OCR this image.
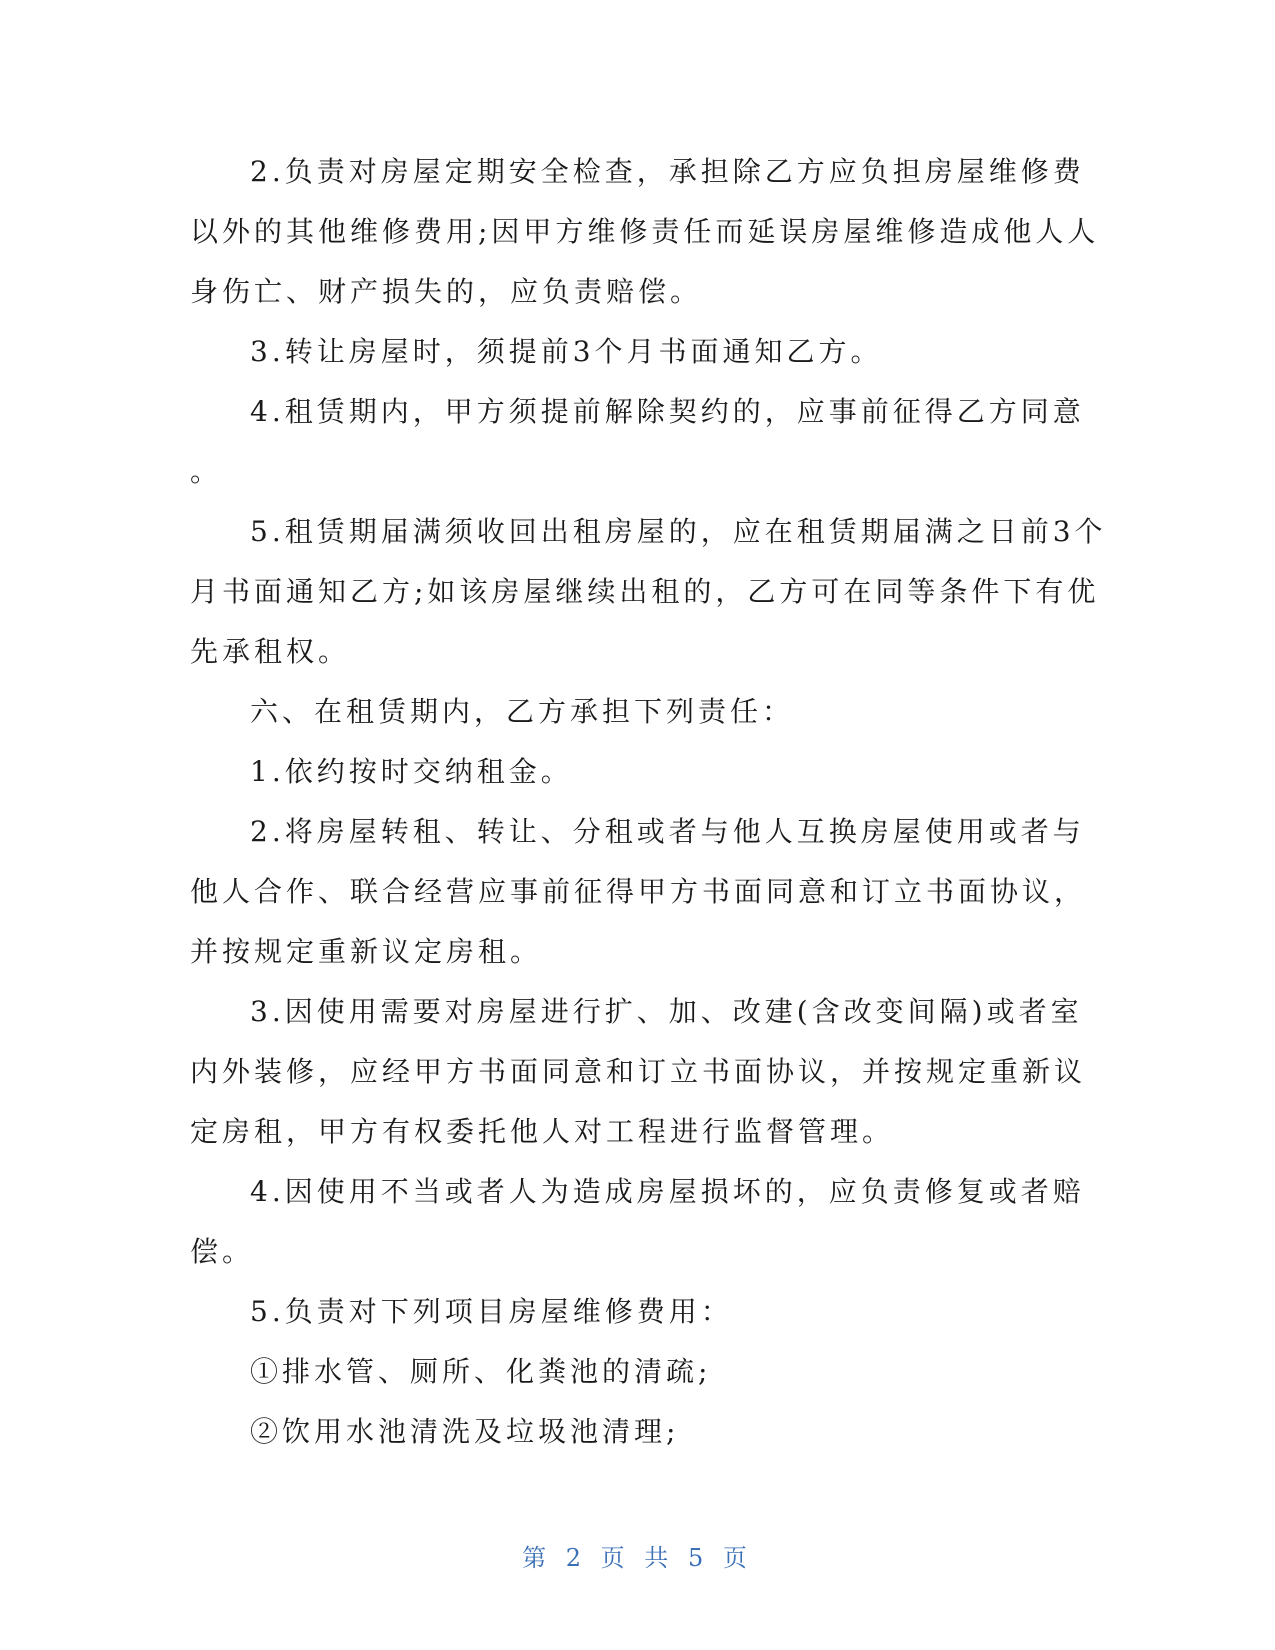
2.负责对房屋定期安全检查，承担除乙方应负担房屋维修费
以外的其他维修费用;因甲方维修责任而延误房屋维修造成他人人
身伤亡、财产损失的，应负责赔偿。
3.转让房屋时，须提前3个月书面通知乙方。
4.租赁期内，甲方须提前解除契约的，应事前征得乙方同意
。
5.租赁期届满须收回出租房屋的，应在租赁期届满之日前3个
月书面通知乙方;如该房屋继续出租的，乙方可在同等条件下有优
先承租权。
六、在租赁期内，乙方承担下列责任：
1.依约按时交纳租金。
2.将房屋转租、转让、分租或者与他人互换房屋使用或者与
他人合作、联合经营应事前征得甲方书面同意和订立书面协议，
并按规定重新议定房租。
3.因使用需要对房屋进行扩、加、改建(含改变间隔)或者室
内外装修，应经甲方书面同意和订立书面协议，并按规定重新议
定房租，甲方有权委托他人对工程进行监督管理。
4.因使用不当或者人为造成房屋损坏的，应负责修复或者赔
偿。
5.负责对下列项目房屋维修费用：
①排水管、厕所、化粪池的清疏;
②饮用水池清洗及垃圾池清理;
第 2 页 共 5 页
